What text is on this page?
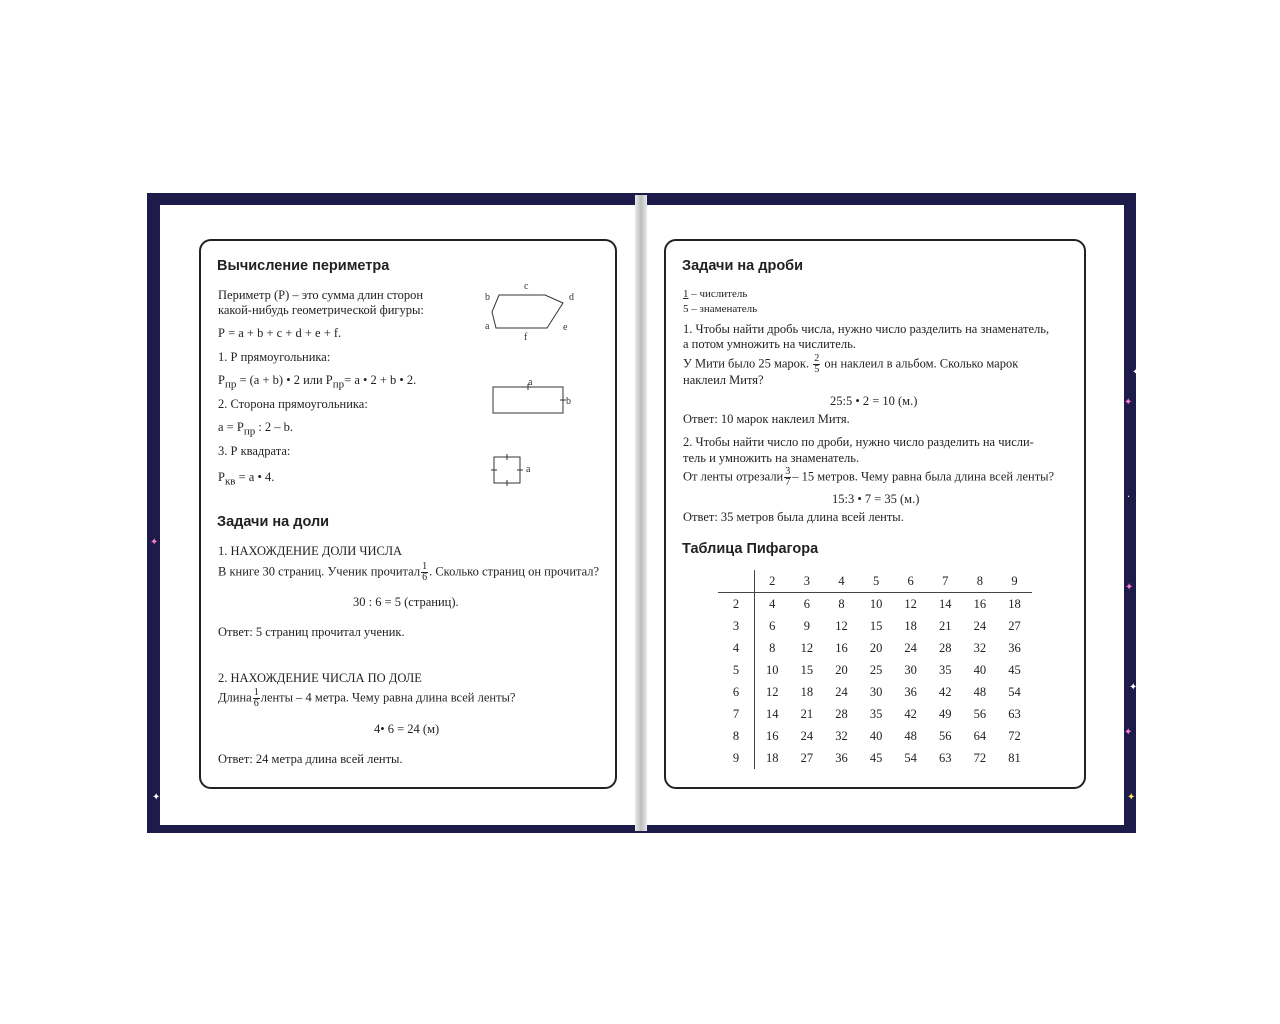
✦
✦
·
✦
✦
✦
✦
✦
✦
Вычисление периметра
Периметр (Р) – это сумма длин сторон
какой-нибудь геометрической фигуры:
Р = a + b + c + d + e + f.
1. Р прямоугольника:
$Р_{пр} = (a + b)$ • 2 или $Р_{пр}= a$ • 2 + b • 2.
2. Сторона прямоугольника:
$a = Р_{пр}$ : 2 – b.
3. Р квадрата:
$Р_{кв} = a$ • 4.
c
b	d
a	e
f
a
b
a
Задачи на доли
1. НАХОЖДЕНИЕ ДОЛИ ЧИСЛА
В книге 30 страниц. Ученик прочитал $\frac{1}{6}$ . Сколько страниц он прочитал?
30 : 6 = 5 (страниц).
Ответ: 5 страниц прочитал ученик.
2. НАХОЖДЕНИЕ ЧИСЛА ПО ДОЛЕ
Длина $\frac{1}{6}$ ленты – 4 метра. Чему равна длина всей ленты?
4• 6 = 24 (м)
Ответ: 24 метра длина всей ленты.
Задачи на дроби
1 – числитель
5 – знаменатель
1. Чтобы найти дробь числа, нужно число разделить на знаменатель,
а потом умножить на числитель.
У Мити было 25 марок. $\frac{2}{5}$ он наклеил в альбом. Сколько марок
наклеил Митя?
25:5 • 2 = 10 (м.)
Ответ: 10 марок наклеил Митя.
2. Чтобы найти число по дроби, нужно число разделить на числи-
тель и умножить на знаменатель.
От ленты отрезали $\frac{3}{7} - 15$ метров. Чему равна была длина всей ленты?
15:3 • 7 = 35 (м.)
Ответ: 35 метров была длина всей ленты.
Таблица Пифагора
	2	3	4	5	6	7	8	9
2	4	6	8	10	12	14	16	18
3	6	9	12	15	18	21	24	27
4	8	12	16	20	24	28	32	36
5	10	15	20	25	30	35	40	45
6	12	18	24	30	36	42	48	54
7	14	21	28	35	42	49	56	63
8	16	24	32	40	48	56	64	72
9	18	27	36	45	54	63	72	81
